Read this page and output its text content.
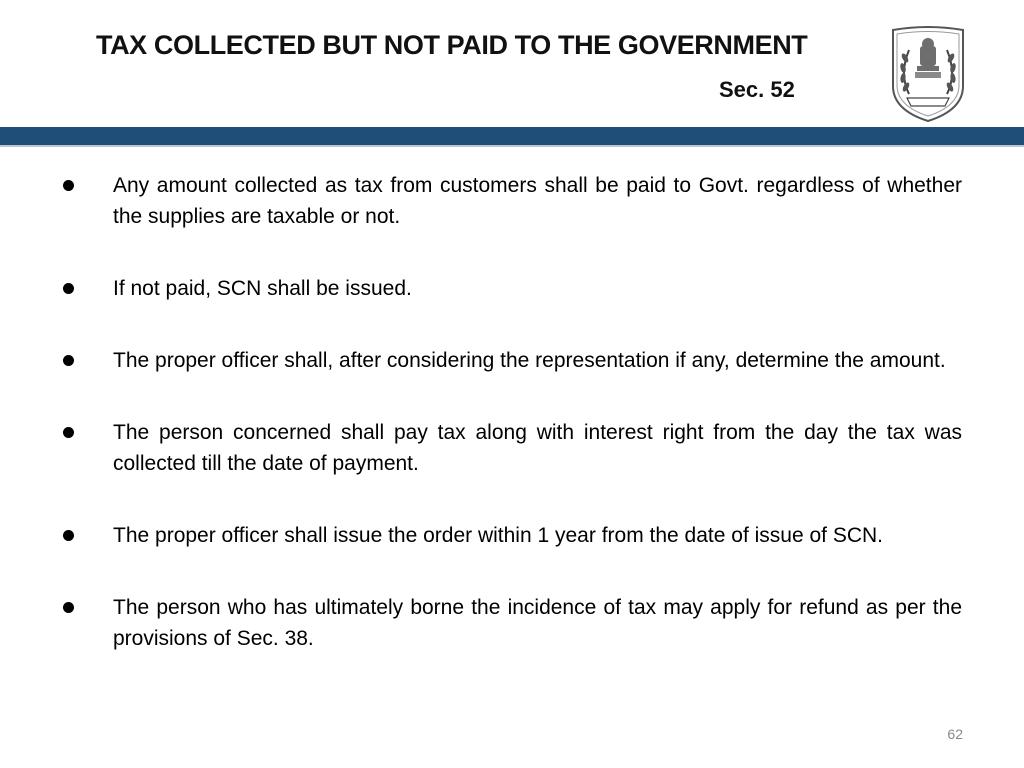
TAX COLLECTED BUT NOT PAID TO THE GOVERNMENT
Sec. 52
Any amount collected as tax from customers shall be paid to Govt. regardless of whether the supplies are taxable or not.
If not paid, SCN shall be issued.
The proper officer shall, after considering the representation if any, determine the amount.
The person concerned shall pay tax along with interest right from the day the tax was collected till the date of payment.
The proper officer shall issue the order within 1 year from the date of issue of SCN.
The person who has ultimately borne the incidence of tax may apply for refund as per the provisions of Sec. 38.
62
